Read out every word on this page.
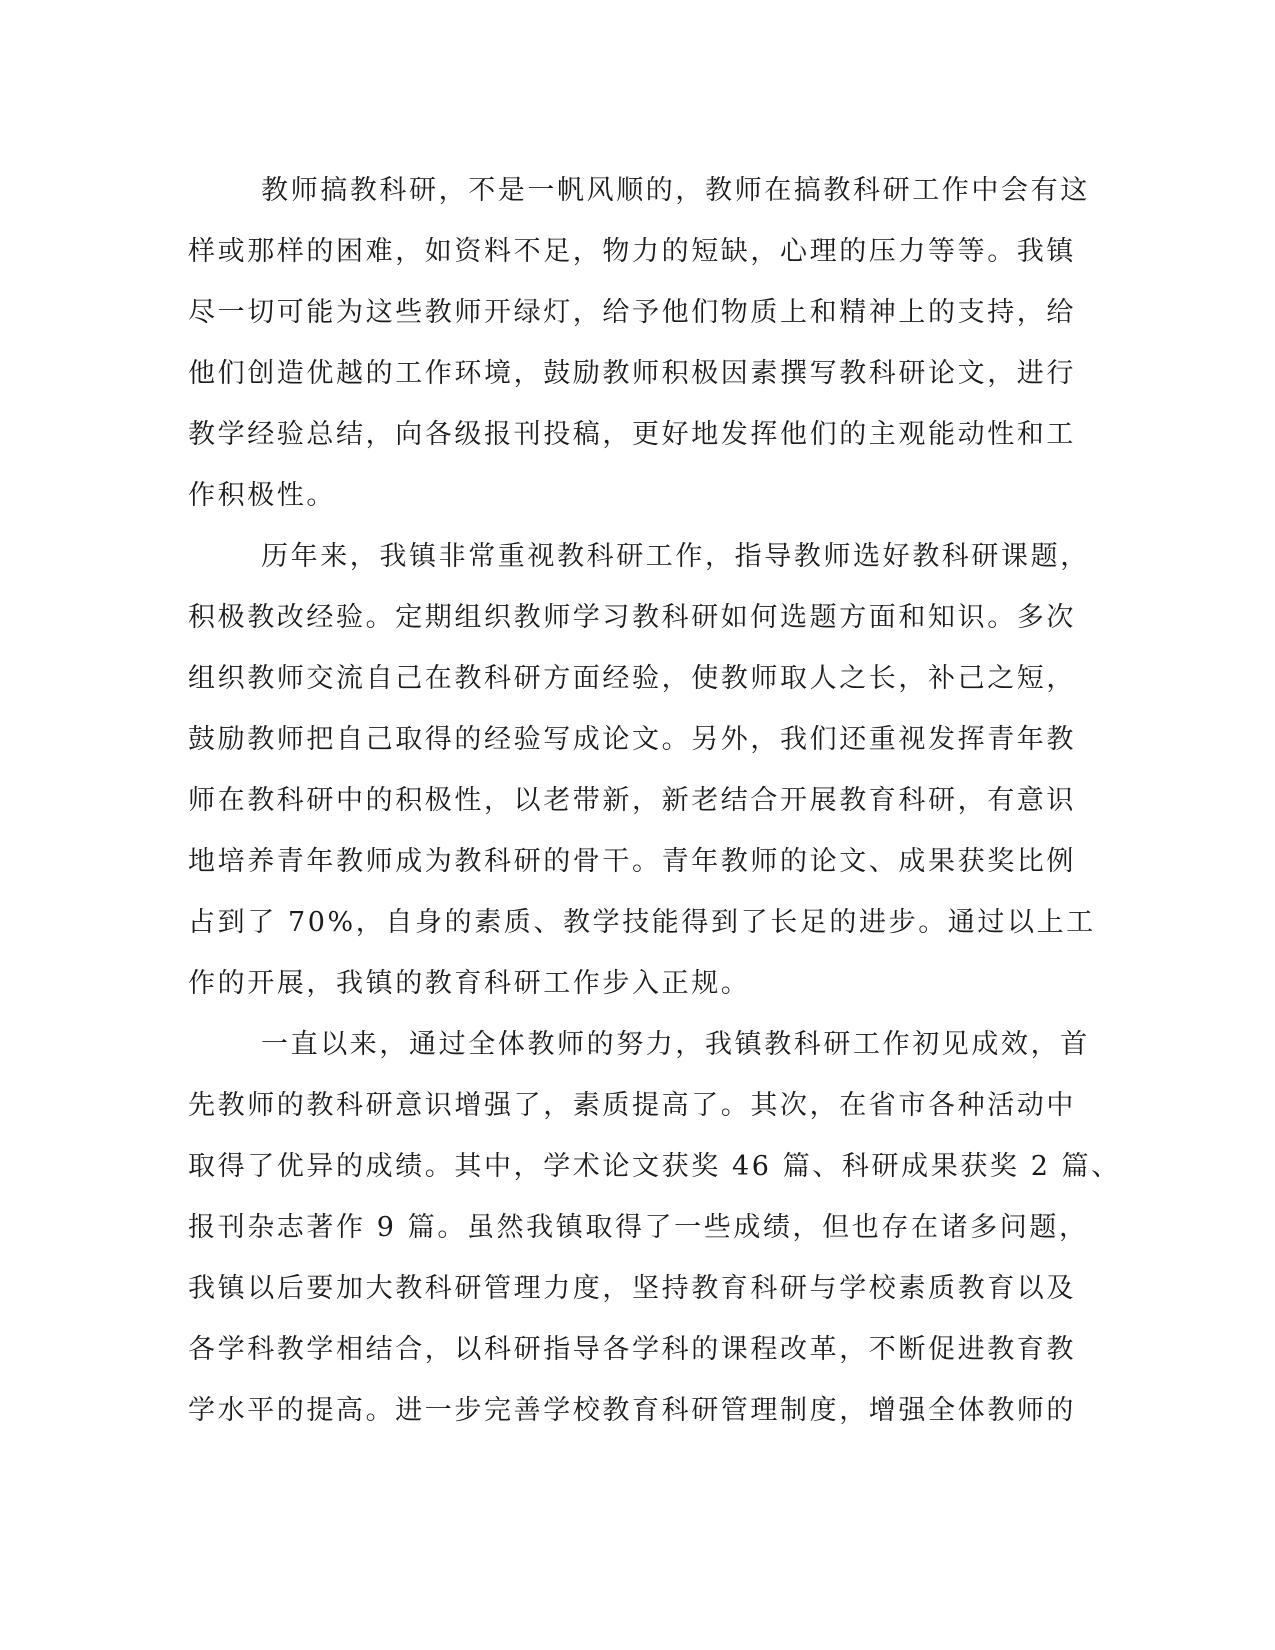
教师搞教科研，不是一帆风顺的，教师在搞教科研工作中会有这
样或那样的困难，如资料不足，物力的短缺，心理的压力等等。我镇
尽一切可能为这些教师开绿灯，给予他们物质上和精神上的支持，给
他们创造优越的工作环境，鼓励教师积极因素撰写教科研论文，进行
教学经验总结，向各级报刊投稿，更好地发挥他们的主观能动性和工
作积极性。
历年来，我镇非常重视教科研工作，指导教师选好教科研课题，
积极教改经验。定期组织教师学习教科研如何选题方面和知识。多次
组织教师交流自己在教科研方面经验，使教师取人之长，补己之短，
鼓励教师把自己取得的经验写成论文。另外，我们还重视发挥青年教
师在教科研中的积极性，以老带新，新老结合开展教育科研，有意识
地培养青年教师成为教科研的骨干。青年教师的论文、成果获奖比例
占到了 70%，自身的素质、教学技能得到了长足的进步。通过以上工
作的开展，我镇的教育科研工作步入正规。
一直以来，通过全体教师的努力，我镇教科研工作初见成效，首
先教师的教科研意识增强了，素质提高了。其次，在省市各种活动中
取得了优异的成绩。其中，学术论文获奖 46 篇、科研成果获奖 2 篇、
报刊杂志著作 9 篇。虽然我镇取得了一些成绩，但也存在诸多问题，
我镇以后要加大教科研管理力度，坚持教育科研与学校素质教育以及
各学科教学相结合，以科研指导各学科的课程改革，不断促进教育教
学水平的提高。进一步完善学校教育科研管理制度，增强全体教师的
